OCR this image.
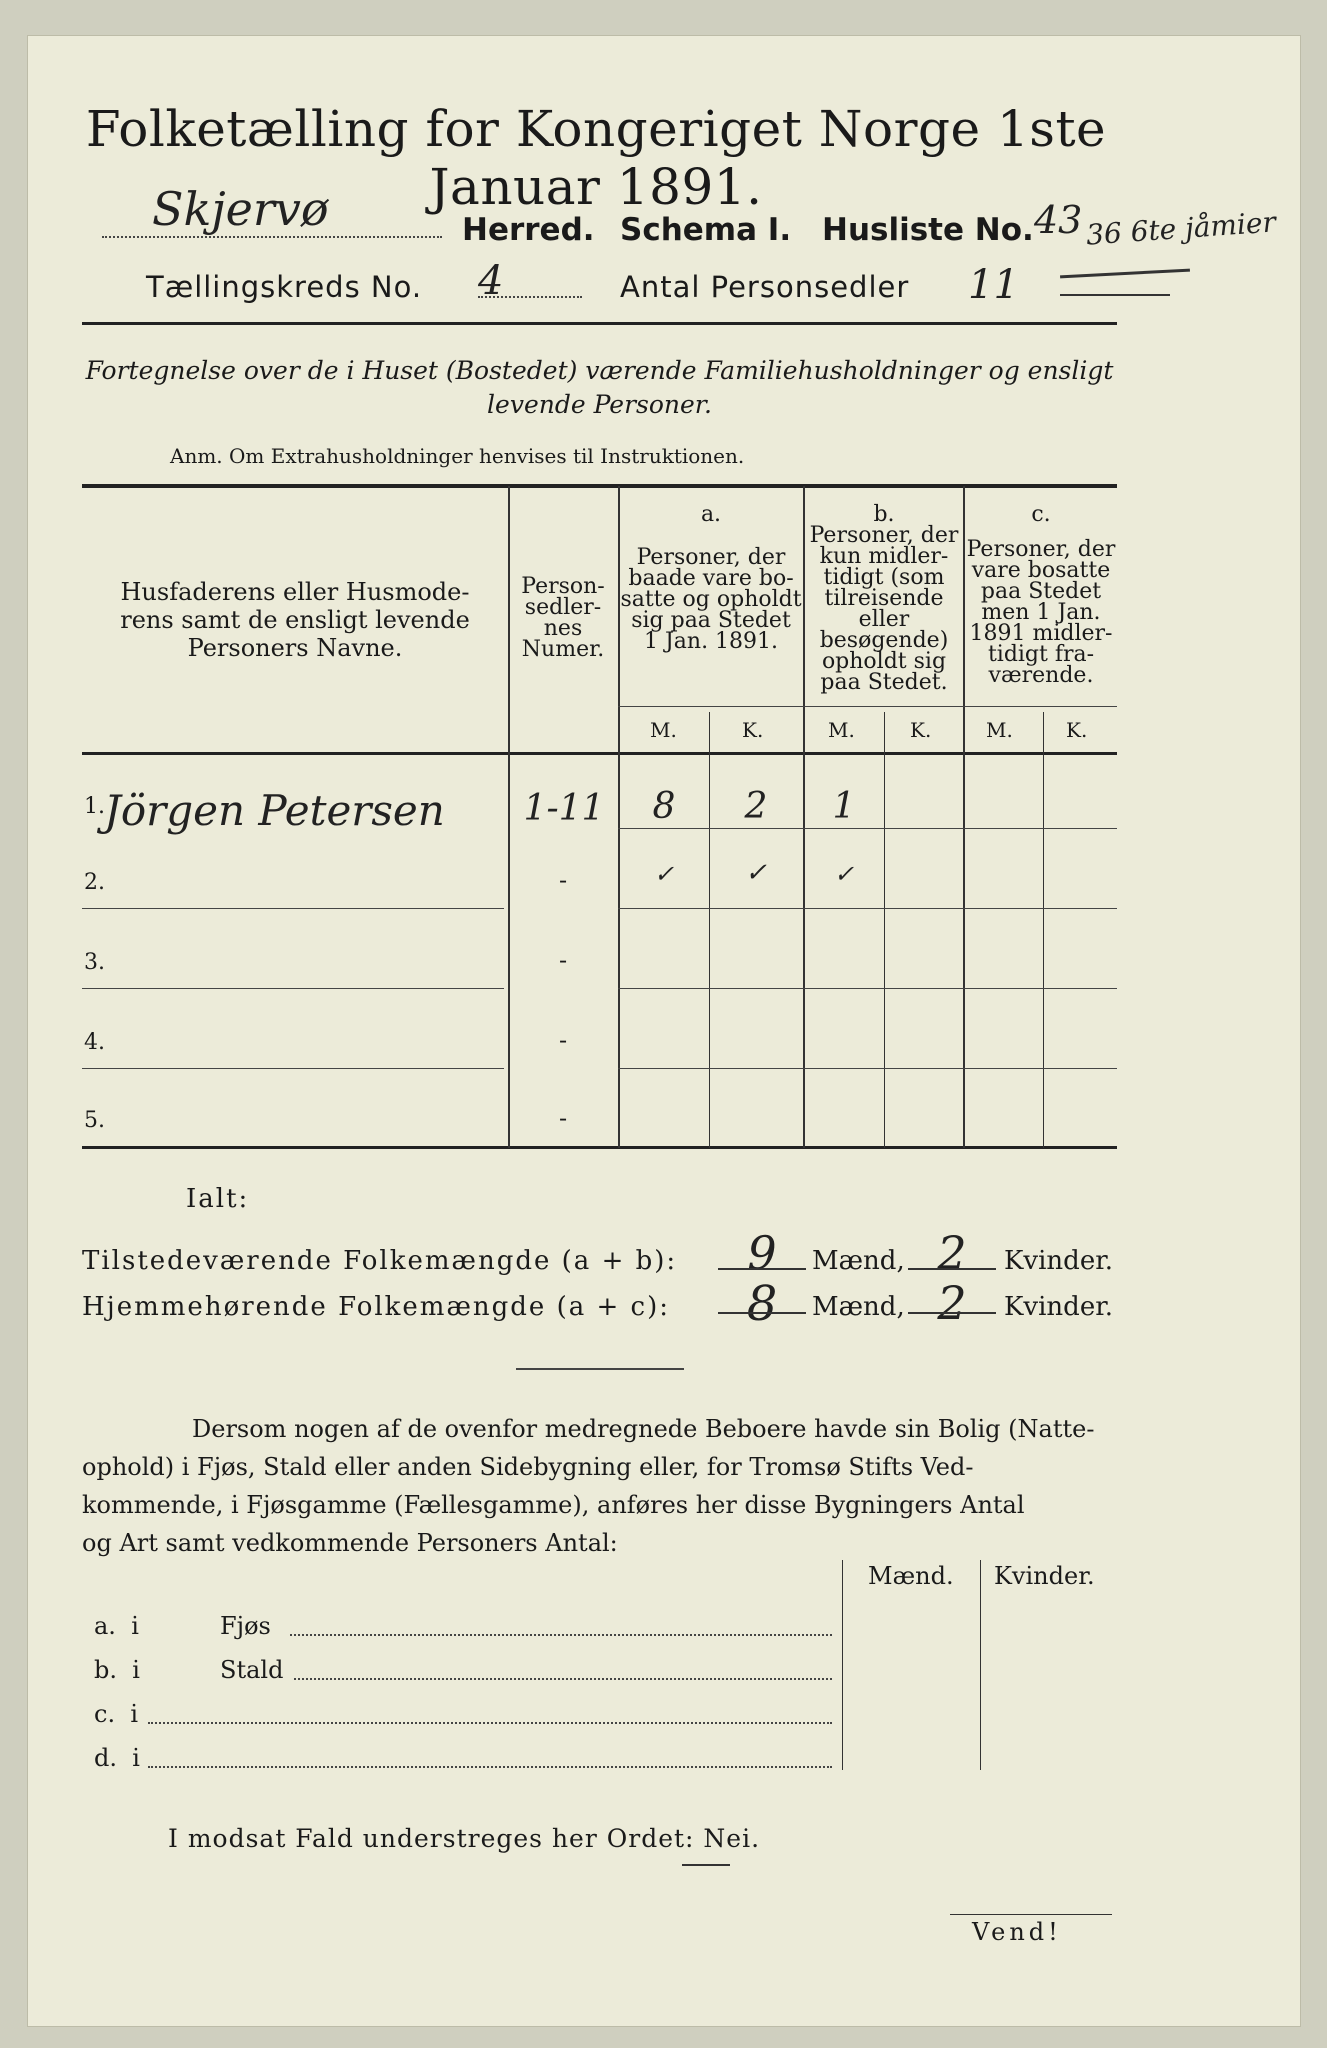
Folketælling for Kongeriget Norge 1ste Januar 1891.
Skjervø	Herred. Schema I. Husliste No. 43 36 6te jåmier
Tællingskreds No. 4	Antal Personsedler 11
Fortegnelse over de i Huset (Bostedet) værende Familiehusholdninger og ensligt
levende Personer.
Anm. Om Extrahusholdninger henvises til Instruktionen.
Husfaderens eller Husmode-
rens samt de ensligt levende
Personers Navne.
Person-
sedler-
nes
Numer.
a.
Personer, der
baade vare bo-
satte og opholdt
sig paa Stedet
1 Jan. 1891.
b.
Personer, der
kun midler-
tidigt (som
tilreisende
eller
besøgende)
opholdt sig
paa Stedet.
c.
Personer, der
vare bosatte
paa Stedet
men 1 Jan.
1891 midler-
tidigt fra-
værende.
M.	K.	M.	K.	M.	K.
1. Jörgen Petersen 1-11	8	2	1
2.	-	✓	✓	✓
3.	-
4.	-
5.	-
Ialt:
Tilstedeværende Folkemængde (a + b):	9	Mænd, 2	Kvinder.
Hjemmehørende Folkemængde (a + c):	8	Mænd, 2	Kvinder.
Dersom nogen af de ovenfor medregnede Beboere havde sin Bolig (Natte-
ophold) i Fjøs, Stald eller anden Sidebygning eller, for Tromsø Stifts Ved-
kommende, i Fjøsgamme (Fællesgamme), anføres her disse Bygningers Antal
og Art samt vedkommende Personers Antal:
Mænd. Kvinder.
a. i	Fjøs
b. i	Stald
c. i
d. i
I modsat Fald understreges her Ordet: Nei.
Vend!
